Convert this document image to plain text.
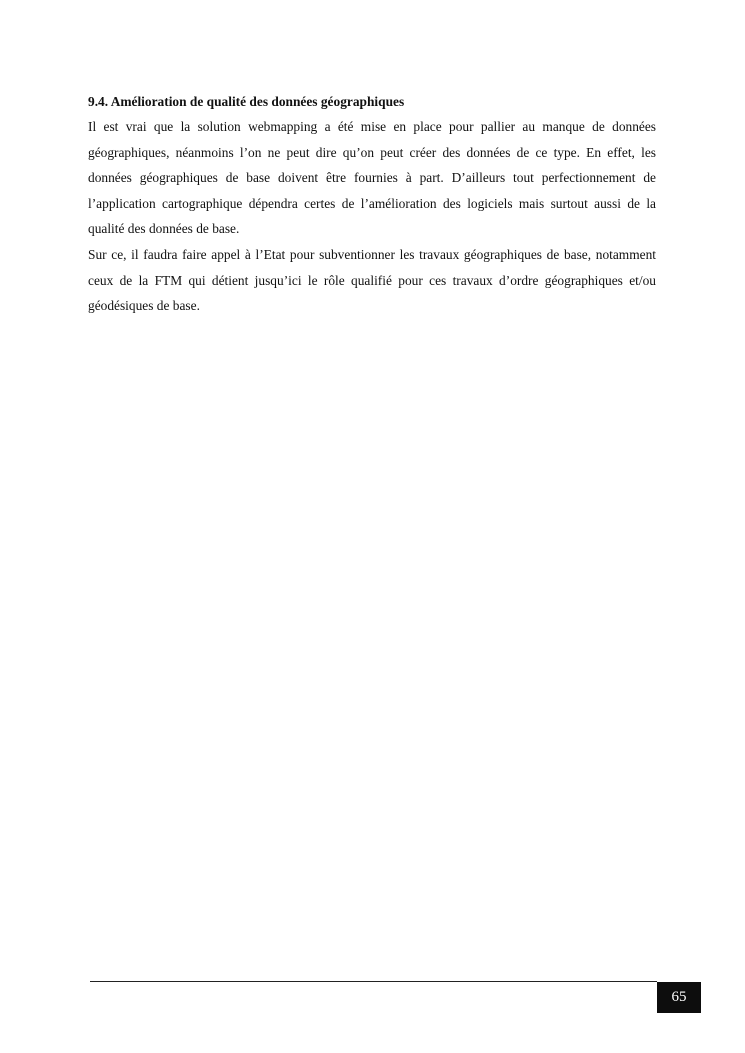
9.4. Amélioration de qualité des données géographiques

Il est vrai que la solution webmapping a été mise en place pour pallier au manque de données géographiques, néanmoins l’on ne peut dire qu’on peut créer des données de ce type. En effet, les données géographiques de base doivent être fournies à part. D’ailleurs tout perfectionnement de l’application cartographique dépendra certes de l’amélioration des logiciels mais surtout aussi de la qualité des données de base.

Sur ce, il faudra faire appel à l’Etat pour subventionner les travaux géographiques de base, notamment ceux de la FTM qui détient jusqu’ici le rôle qualifié pour ces travaux d’ordre géographiques et/ou géodésiques de base.

65
